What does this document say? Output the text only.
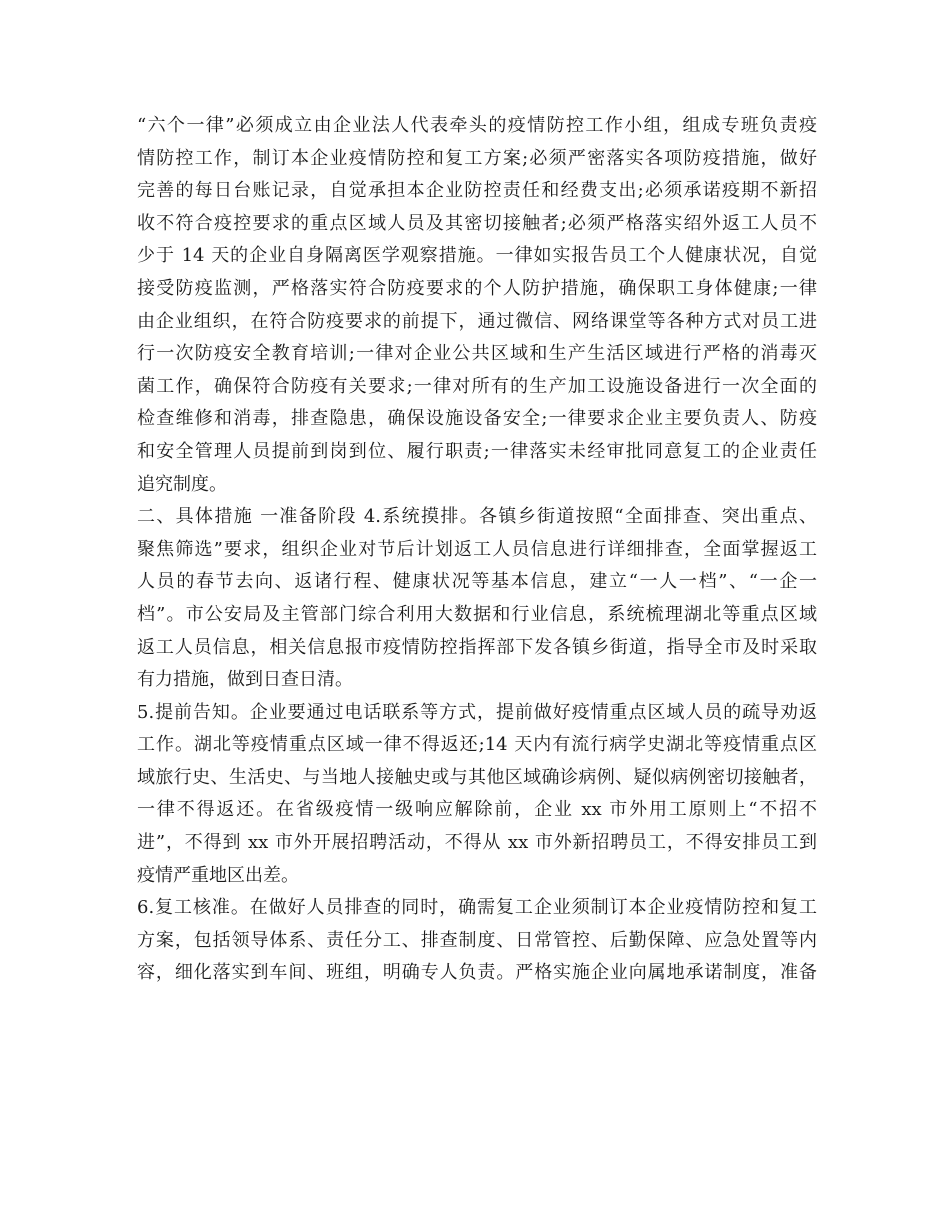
“六个一律”必须成立由企业法人代表牵头的疫情防控工作小组，组成专班负责疫
情防控工作，制订本企业疫情防控和复工方案;必须严密落实各项防疫措施，做好
完善的每日台账记录，自觉承担本企业防控责任和经费支出;必须承诺疫期不新招
收不符合疫控要求的重点区域人员及其密切接触者;必须严格落实绍外返工人员不
少于 14 天的企业自身隔离医学观察措施。一律如实报告员工个人健康状况，自觉
接受防疫监测，严格落实符合防疫要求的个人防护措施，确保职工身体健康;一律
由企业组织，在符合防疫要求的前提下，通过微信、网络课堂等各种方式对员工进
行一次防疫安全教育培训;一律对企业公共区域和生产生活区域进行严格的消毒灭
菌工作，确保符合防疫有关要求;一律对所有的生产加工设施设备进行一次全面的
检查维修和消毒，排查隐患，确保设施设备安全;一律要求企业主要负责人、防疫
和安全管理人员提前到岗到位、履行职责;一律落实未经审批同意复工的企业责任
追究制度。
二、具体措施 一准备阶段 4.系统摸排。各镇乡街道按照“全面排查、突出重点、
聚焦筛选”要求，组织企业对节后计划返工人员信息进行详细排查，全面掌握返工
人员的春节去向、返诸行程、健康状况等基本信息，建立“一人一档”、“一企一
档”。市公安局及主管部门综合利用大数据和行业信息，系统梳理湖北等重点区域
返工人员信息，相关信息报市疫情防控指挥部下发各镇乡街道，指导全市及时采取
有力措施，做到日查日清。
5.提前告知。企业要通过电话联系等方式，提前做好疫情重点区域人员的疏导劝返
工作。湖北等疫情重点区域一律不得返还;14 天内有流行病学史湖北等疫情重点区
域旅行史、生活史、与当地人接触史或与其他区域确诊病例、疑似病例密切接触者，
一律不得返还。在省级疫情一级响应解除前，企业 xx 市外用工原则上“不招不
进”，不得到 xx 市外开展招聘活动，不得从 xx 市外新招聘员工，不得安排员工到
疫情严重地区出差。
6.复工核准。在做好人员排查的同时，确需复工企业须制订本企业疫情防控和复工
方案，包括领导体系、责任分工、排查制度、日常管控、后勤保障、应急处置等内
容，细化落实到车间、班组，明确专人负责。严格实施企业向属地承诺制度，准备
